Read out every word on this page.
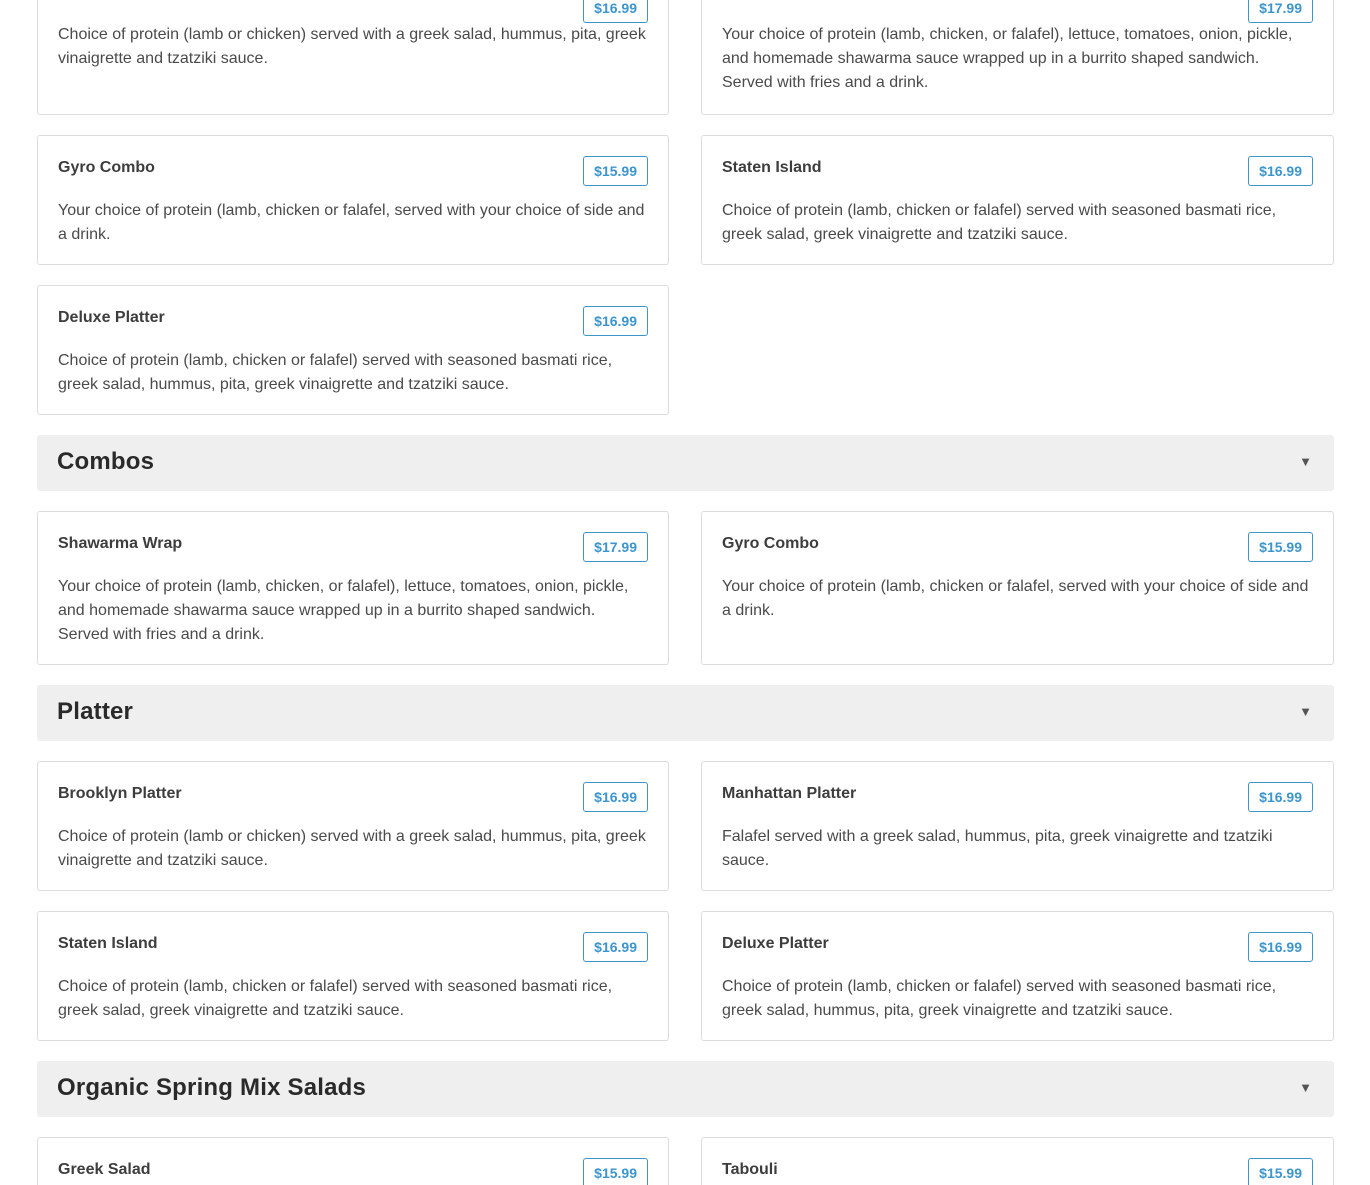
$16.99
Choice of protein (lamb or chicken) served with a greek salad, hummus, pita, greek vinaigrette and tzatziki sauce.
$17.99
Your choice of protein (lamb, chicken, or falafel), lettuce, tomatoes, onion, pickle, and homemade shawarma sauce wrapped up in a burrito shaped sandwich. Served with fries and a drink.
Gyro Combo	$15.99
Your choice of protein (lamb, chicken or falafel, served with your choice of side and a drink.
Staten Island	$16.99
Choice of protein (lamb, chicken or falafel) served with seasoned basmati rice, greek salad, greek vinaigrette and tzatziki sauce.
Deluxe Platter	$16.99
Choice of protein (lamb, chicken or falafel) served with seasoned basmati rice, greek salad, hummus, pita, greek vinaigrette and tzatziki sauce.
Combos	▼
Shawarma Wrap	$17.99
Your choice of protein (lamb, chicken, or falafel), lettuce, tomatoes, onion, pickle, and homemade shawarma sauce wrapped up in a burrito shaped sandwich. Served with fries and a drink.
Gyro Combo	$15.99
Your choice of protein (lamb, chicken or falafel, served with your choice of side and a drink.
Platter	▼
Brooklyn Platter	$16.99
Choice of protein (lamb or chicken) served with a greek salad, hummus, pita, greek vinaigrette and tzatziki sauce.
Manhattan Platter	$16.99
Falafel served with a greek salad, hummus, pita, greek vinaigrette and tzatziki sauce.
Staten Island	$16.99
Choice of protein (lamb, chicken or falafel) served with seasoned basmati rice, greek salad, greek vinaigrette and tzatziki sauce.
Deluxe Platter	$16.99
Choice of protein (lamb, chicken or falafel) served with seasoned basmati rice, greek salad, hummus, pita, greek vinaigrette and tzatziki sauce.
Organic Spring Mix Salads	▼
Greek Salad	$15.99	Tabouli	$15.99
